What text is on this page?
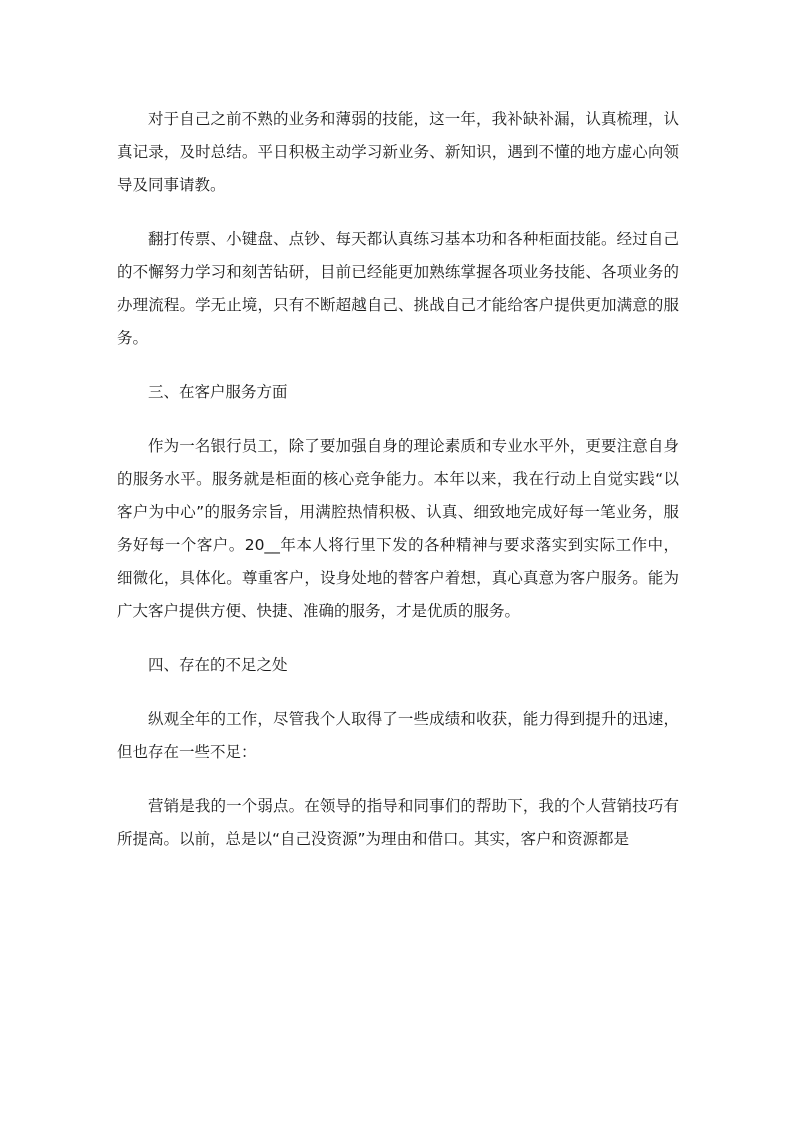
对于自己之前不熟的业务和薄弱的技能，这一年，我补缺补漏，认真梳理，认真记录，及时总结。平日积极主动学习新业务、新知识，遇到不懂的地方虚心向领导及同事请教。

翻打传票、小键盘、点钞、每天都认真练习基本功和各种柜面技能。经过自己的不懈努力学习和刻苦钻研，目前已经能更加熟练掌握各项业务技能、各项业务的办理流程。学无止境，只有不断超越自己、挑战自己才能给客户提供更加满意的服务。

三、在客户服务方面

作为一名银行员工，除了要加强自身的理论素质和专业水平外，更要注意自身的服务水平。服务就是柜面的核心竞争能力。本年以来，我在行动上自觉实践“以客户为中心”的服务宗旨，用满腔热情积极、认真、细致地完成好每一笔业务，服务好每一个客户。20__年本人将行里下发的各种精神与要求落实到实际工作中，细微化，具体化。尊重客户，设身处地的替客户着想，真心真意为客户服务。能为广大客户提供方便、快捷、准确的服务，才是优质的服务。

四、存在的不足之处

纵观全年的工作，尽管我个人取得了一些成绩和收获，能力得到提升的迅速，但也存在一些不足：

营销是我的一个弱点。在领导的指导和同事们的帮助下，我的个人营销技巧有所提高。以前，总是以“自己没资源”为理由和借口。其实，客户和资源都是
